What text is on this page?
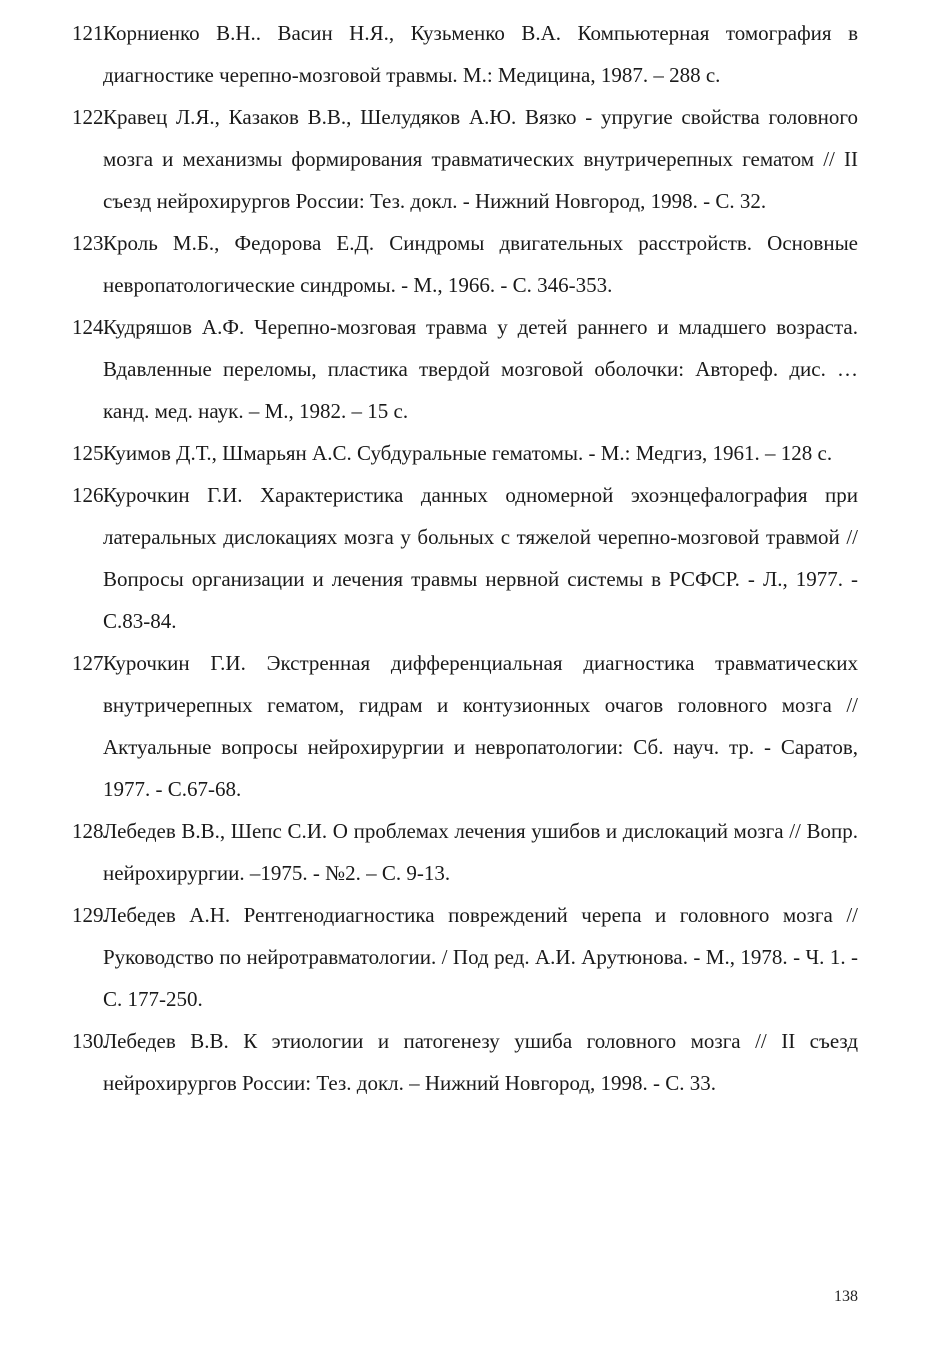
121.
Корниенко В.Н.. Васин Н.Я., Кузьменко В.А. Компьютерная томография в диагностике черепно-мозговой травмы. М.: Медицина, 1987. – 288 с.
122.
Кравец Л.Я., Казаков В.В., Шелудяков А.Ю. Вязко - упругие свойства головного мозга и механизмы формирования травматических внутричерепных гематом // II съезд нейрохирургов России: Тез. докл. - Нижний Новгород, 1998. - С. 32.
123.
Кроль М.Б., Федорова Е.Д. Синдромы двигательных расстройств. Основные невропатологические синдромы. - М., 1966. - С. 346-353.
124.
Кудряшов А.Ф. Черепно-мозговая травма у детей раннего и младшего возраста. Вдавленные переломы, пластика твердой мозговой оболочки: Автореф. дис. … канд. мед. наук. – М., 1982. – 15 с.
125.
Куимов Д.Т., Шмарьян А.С. Субдуральные гематомы. - М.: Медгиз, 1961. – 128 с.
126.
Курочкин Г.И. Характеристика данных одномерной эхоэнцефалография при латеральных дислокациях мозга у больных с тяжелой черепно-мозговой травмой // Вопросы организации и лечения травмы нервной системы в РСФСР. - Л., 1977. - С.83-84.
127.
Курочкин Г.И. Экстренная дифференциальная диагностика травматических внутричерепных гематом, гидрам и контузионных очагов головного мозга // Актуальные вопросы нейрохирургии и невропатологии: Сб. науч. тр. - Саратов, 1977. - С.67-68.
128.
Лебедев В.В., Шепс С.И. О проблемах лечения ушибов и дислокаций мозга // Вопр. нейрохирургии. –1975. - №2. – С. 9-13.
129.
Лебедев А.Н. Рентгенодиагностика повреждений черепа и головного мозга // Руководство по нейротравматологии. / Под ред. А.И. Арутюнова. - М., 1978. - Ч. 1. - С. 177-250.
130.
Лебедев В.В. К этиологии и патогенезу ушиба головного мозга // II съезд нейрохирургов России: Тез. докл. – Нижний Новгород, 1998. - С. 33.
138
